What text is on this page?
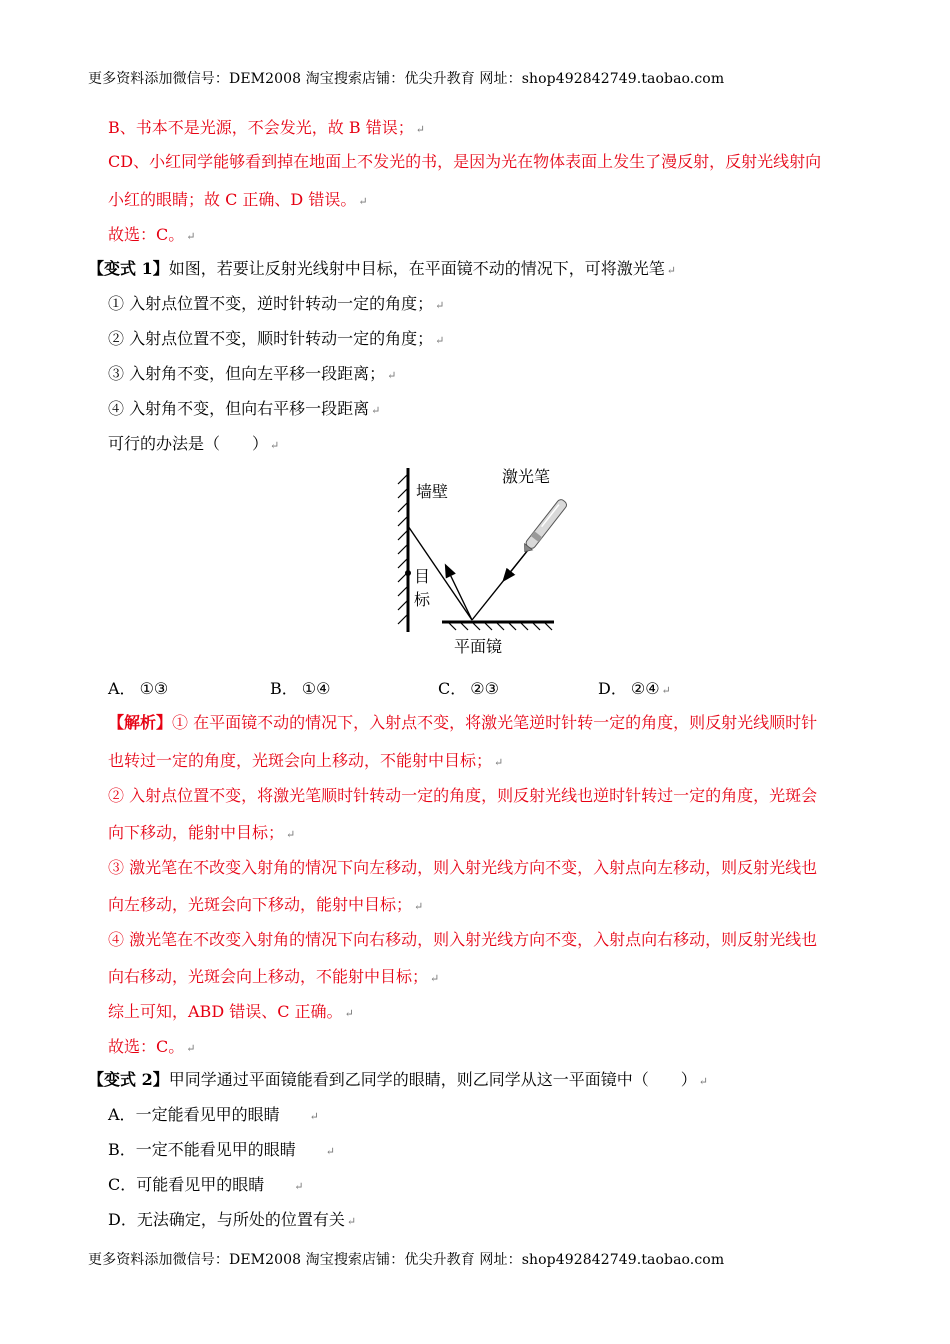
更多资料添加微信号：DEM2008 淘宝搜索店铺：优尖升教育 网址：shop492842749.taobao.com
B、书本不是光源，不会发光，故 B 错误； ↵
CD、小红同学能够看到掉在地面上不发光的书，是因为光在物体表面上发生了漫反射，反射光线射向
小红的眼睛；故 C 正确、D 错误。 ↵
故选：C。 ↵
【变式 1】如图，若要让反射光线射中目标，在平面镜不动的情况下，可将激光笔 ↵
① 入射点位置不变，逆时针转动一定的角度； ↵
② 入射点位置不变，顺时针转动一定的角度； ↵
③ 入射角不变，但向左平移一段距离； ↵
④ 入射角不变，但向右平移一段距离 ↵
可行的办法是（　　） ↵
墙壁
激光笔
目
标
平面镜
A． ①③	B． ①④	C． ②③	D． ②④ ↵
【解析】① 在平面镜不动的情况下，入射点不变，将激光笔逆时针转一定的角度，则反射光线顺时针
也转过一定的角度，光斑会向上移动，不能射中目标； ↵
② 入射点位置不变，将激光笔顺时针转动一定的角度，则反射光线也逆时针转过一定的角度，光斑会
向下移动，能射中目标； ↵
③ 激光笔在不改变入射角的情况下向左移动，则入射光线方向不变，入射点向左移动，则反射光线也
向左移动，光斑会向下移动，能射中目标； ↵
④ 激光笔在不改变入射角的情况下向右移动，则入射光线方向不变，入射点向右移动，则反射光线也
向右移动，光斑会向上移动，不能射中目标； ↵
综上可知，ABD 错误、C 正确。 ↵
故选：C。 ↵
【变式 2】甲同学通过平面镜能看到乙同学的眼睛，则乙同学从这一平面镜中（　　） ↵
A．一定能看见甲的眼睛	↵
B．一定不能看见甲的眼睛	↵
C．可能看见甲的眼睛	↵
D．无法确定，与所处的位置有关 ↵
更多资料添加微信号：DEM2008 淘宝搜索店铺：优尖升教育 网址：shop492842749.taobao.com
